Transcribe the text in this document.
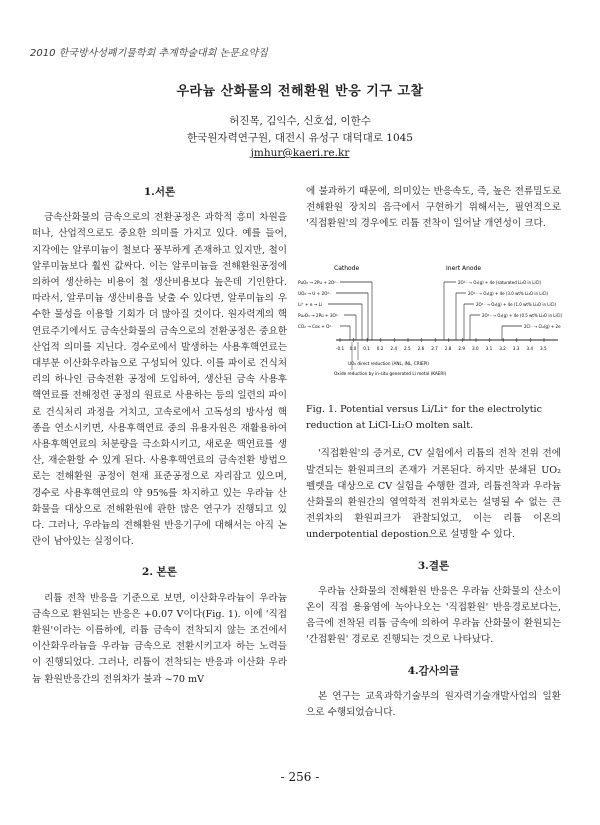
2010 한국방사성폐기물학회 추계학술대회 논문요약집
우라늄 산화물의 전해환원 반응 기구 고찰
허진목, 김익수, 신호섭, 이한수
한국원자력연구원, 대전시 유성구 대덕대로 1045
jmhur@kaeri.re.kr
1.서론

금속산화물의 금속으로의 전환공정은 과학적 흥미 차원을 떠나, 산업적으로도 중요한 의미를 가지고 있다. 예를 들어, 지각에는 알루미늄이 철보다 풍부하게 존재하고 있지만, 철이 알루미늄보다 훨씬 값싸다. 이는 알루미늄을 전해환원공정에 의하여 생산하는 비용이 철 생산비용보다 높은데 기인한다. 따라서, 알루미늄 생산비용을 낮출 수 있다면, 알루미늄의 우수한 물성을 이용할 기회가 더 많아질 것이다. 원자력계의 핵연료주기에서도 금속산화물의 금속으로의 전환공정은 중요한 산업적 의미를 지닌다. 경수로에서 발생하는 사용후핵연료는 대부분 이산화우라늄으로 구성되어 있다. 이를 파이로 건식처리의 하나인 금속전환 공정에 도입하여, 생산된 금속 사용후핵연료를 전해정련 공정의 원료로 사용하는 등의 일련의 파이로 건식처리 과정을 거치고, 고속로에서 고독성의 방사성 핵종을 연소시키면, 사용후핵연료 중의 유용자원은 재활용하여 사용후핵연료의 처분량을 극소화시키고, 새로운 핵연료를 생산, 재순환할 수 있게 된다. 사용후핵연료의 금속전환 방법으로는 전해환원 공정이 현재 표준공정으로 자리잡고 있으며, 경수로 사용후핵연료의 약 95%를 차지하고 있는 우라늄 산화물을 대상으로 전해환원에 관한 많은 연구가 진행되고 있다. 그러나, 우라늄의 전해환원 반응기구에 대해서는 아직 논란이 남아있는 실정이다.

2. 본론

리튬 전착 반응을 기준으로 보면, 이산화우라늄이 우라늄 금속으로 환원되는 반응은 +0.07 V이다(Fig. 1). 이에 '직접환원'이라는 이름하에, 리튬 금속이 전착되지 않는 조건에서 이산화우라늄을 우라늄 금속으로 전환시키고자 하는 노력들이 진행되었다. 그러나, 리튬이 전착되는 반응과 이산화 우라늄 환원반응간의 전위차가 불과 ~70 mV

에 불과하기 때문에, 의미있는 반응속도, 즉, 높은 전류밀도로 전해환원 장치의 음극에서 구현하기 위해서는, 필연적으로 '직접환원'의 경우에도 리튬 전착이 일어날 개연성이 크다.

Cathode	Inert Anode
PuO₂ → 2Pu + 2O²⁻
UO₂ → U + 2O²⁻
Li⁺ + e → Li
Pu₂O₃ → 2Pu + 3O²⁻
CO₂ → Cox + O²⁻
2O²⁻ → O₂(g) + 4e (saturated Li₂O in LiCl)
2O²⁻ → O₂(g) + 4e (3.0 wt% Li₂O in LiCl)
2O²⁻ → O₂(g) + 4e (1.0 wt% Li₂O in LiCl)
2O²⁻ → O₂(g) + 4e (0.5 wt% Li₂O in LiCl)
2Cl⁻ → Cl₂(g) + 2e
-0.1 0.0 0.1 0.2 2.4 2.5 2.6 2.7 2.8 2.9 3.0 3.1 3.2 3.3 3.4 3.5
UO₂ direct reduction (ANL, INL, CRIEPI)
Oxide reduction by in-situ generated Li metal (KAERI)
Fig. 1. Potential versus Li/Li⁺ for the electrolytic reduction at LiCl-Li₂O molten salt.

'직접환원'의 증거로, CV 실험에서 리튬의 전착 전위 전에 발견되는 환원피크의 존재가 거론된다. 하지만 분쇄된 UO₂ 펠렛을 대상으로 CV 실험을 수행한 결과, 리튬전착과 우라늄 산화물의 환원간의 열역학적 전위차로는 설명될 수 없는 큰 전위차의 환원피크가 관찰되었고, 이는 리튬 이온의 underpotential depostion으로 설명할 수 있다.

3.결론

우라늄 산화물의 전해환원 반응은 우라늄 산화물의 산소이온이 직접 용융염에 녹아나오는 '직접환원' 반응경로보다는, 음극에 전착된 리튬 금속에 의하여 우라늄 산화물이 환원되는 '간접환원' 경로로 진행되는 것으로 나타났다.

4.감사의글

본 연구는 교육과학기술부의 원자력기술개발사업의 일환으로 수행되었습니다.

- 256 -
